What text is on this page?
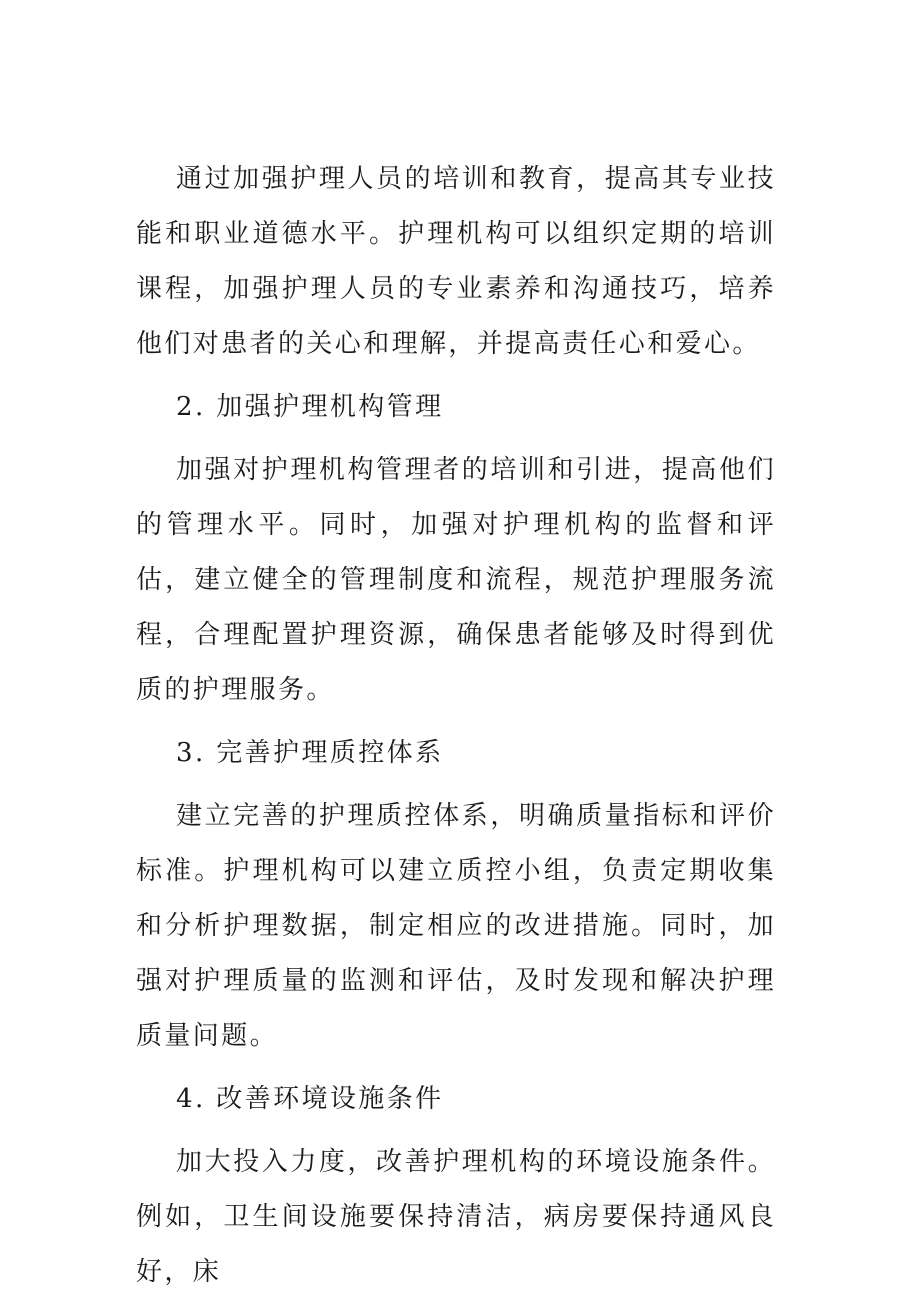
通过加强护理人员的培训和教育，提高其专业技能和职业道德水平。护理机构可以组织定期的培训课程，加强护理人员的专业素养和沟通技巧，培养他们对患者的关心和理解，并提高责任心和爱心。

2. 加强护理机构管理

加强对护理机构管理者的培训和引进，提高他们的管理水平。同时，加强对护理机构的监督和评估，建立健全的管理制度和流程，规范护理服务流程，合理配置护理资源，确保患者能够及时得到优质的护理服务。

3. 完善护理质控体系

建立完善的护理质控体系，明确质量指标和评价标准。护理机构可以建立质控小组，负责定期收集和分析护理数据，制定相应的改进措施。同时，加强对护理质量的监测和评估，及时发现和解决护理质量问题。

4. 改善环境设施条件

加大投入力度，改善护理机构的环境设施条件。例如，卫生间设施要保持清洁，病房要保持通风良好，床
